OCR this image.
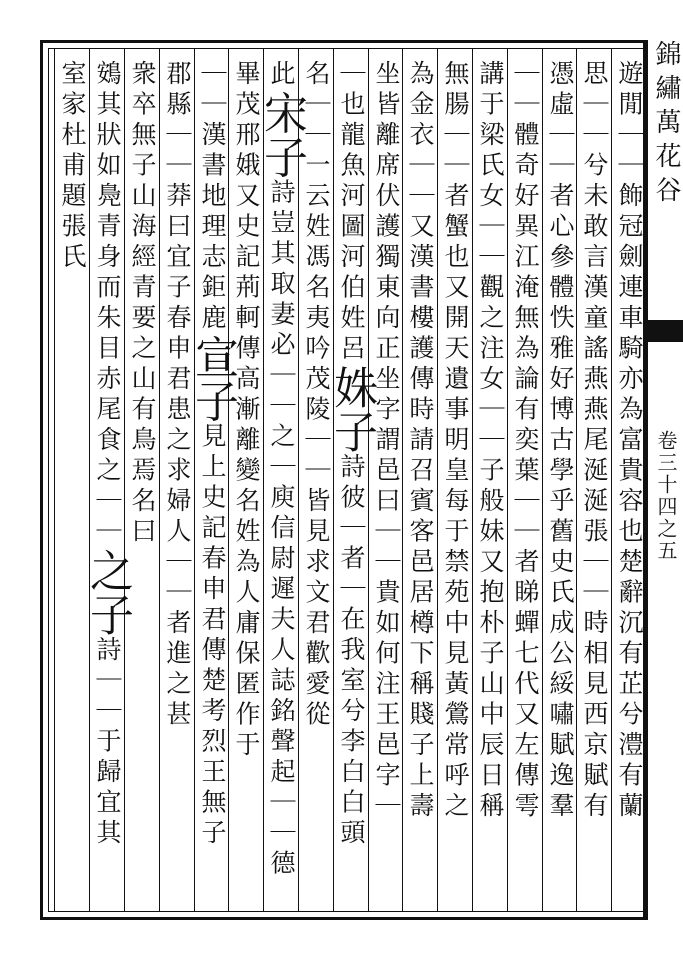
錦繡萬花谷
卷三十四之五
遊閒｜｜飾冠劍連車騎亦為富貴容也楚辭沉有芷兮澧有蘭
思｜｜兮未敢言漢童謠燕燕尾涎涎張｜｜時相見西京賦有
憑虛｜｜者心參體怢雅好博古學乎舊史氏成公綏嘯賦逸羣
｜｜體奇好異江淹無為論有奕葉｜｜者睇蟬七代又左傳雩
講于梁氏女｜｜觀之注女｜｜子般妹又抱朴子山中辰日稱
無腸｜｜者蟹也又開天遺事明皇每于禁苑中見黃鶯常呼之
為金衣｜｜又漢書樓護傳時請召賓客邑居樽下稱賤子上壽
坐皆離席伏護獨東向正坐字謂邑曰｜｜貴如何注王邑字｜
｜也龍魚河圖河伯姓呂姝子詩彼｜者｜在我室兮李白白頭
名｜｜一云姓馮名夷吟茂陵｜｜皆見求文君歡愛從
此宋子詩豈其取妻必｜｜之｜庾信尉遲夫人誌銘聲起｜｜德
畢茂邢娥又史記荊軻傳高漸離變名姓為人庸保匿作于
｜｜漢書地理志鉅鹿宣子見上史記春申君傳楚考烈王無子
郡縣｜｜莽曰宜子春申君患之求婦人｜｜者進之甚
衆卒無子山海經青要之山有鳥焉名曰
鴳其狀如鳧青身而朱目赤尾食之｜｜之子詩｜｜于歸宜其
室家杜甫題張氏
